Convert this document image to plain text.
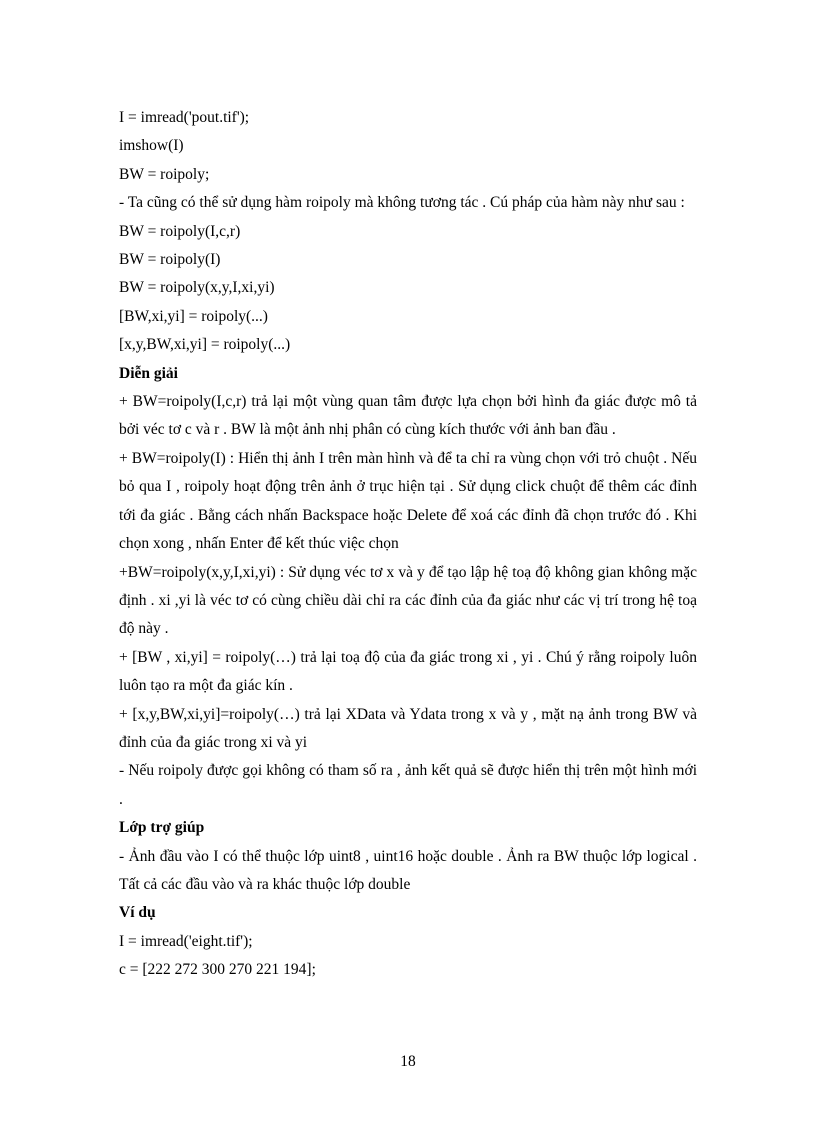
I = imread('pout.tif');
imshow(I)
BW = roipoly;
- Ta cũng có thể sử dụng hàm roipoly mà không tương tác . Cú pháp của hàm này như sau :
BW = roipoly(I,c,r)
BW = roipoly(I)
BW = roipoly(x,y,I,xi,yi)
[BW,xi,yi] = roipoly(...)
[x,y,BW,xi,yi] = roipoly(...)
Diễn giải
+ BW=roipoly(I,c,r) trả lại một vùng quan tâm được lựa chọn bởi hình đa giác được mô tả bởi véc tơ c và r . BW là một ảnh nhị phân có cùng kích thước với ảnh ban đầu .
+ BW=roipoly(I) : Hiển thị ảnh I trên màn hình và để ta chỉ ra vùng chọn với trỏ chuột . Nếu bỏ qua I , roipoly hoạt động trên ảnh ở trục hiện tại . Sử dụng click chuột để thêm các đỉnh tới đa giác . Bằng cách nhấn Backspace hoặc Delete để xoá các đỉnh đã chọn trước đó . Khi chọn xong , nhấn Enter để kết thúc việc chọn
+BW=roipoly(x,y,I,xi,yi) : Sử dụng véc tơ x và y để tạo lập hệ toạ độ không gian không mặc định . xi ,yi là véc tơ có cùng chiều dài chỉ ra các đỉnh của đa giác như các vị trí trong hệ toạ độ này .
+ [BW , xi,yi] = roipoly(…) trả lại toạ độ của đa giác trong xi , yi . Chú ý rằng roipoly luôn luôn tạo ra một đa giác kín .
+ [x,y,BW,xi,yi]=roipoly(…) trả lại XData và Ydata trong x và y , mặt nạ ảnh trong BW và đỉnh của đa giác trong xi và yi
- Nếu roipoly được gọi không có tham số ra , ảnh kết quả sẽ được hiển thị trên một hình mới .
Lớp trợ giúp
- Ảnh đầu vào I có thể thuộc lớp uint8 , uint16 hoặc double . Ảnh ra BW thuộc lớp logical . Tất cả các đầu vào và ra khác thuộc lớp double
Ví dụ
I = imread('eight.tif');
c = [222 272 300 270 221 194];
18
